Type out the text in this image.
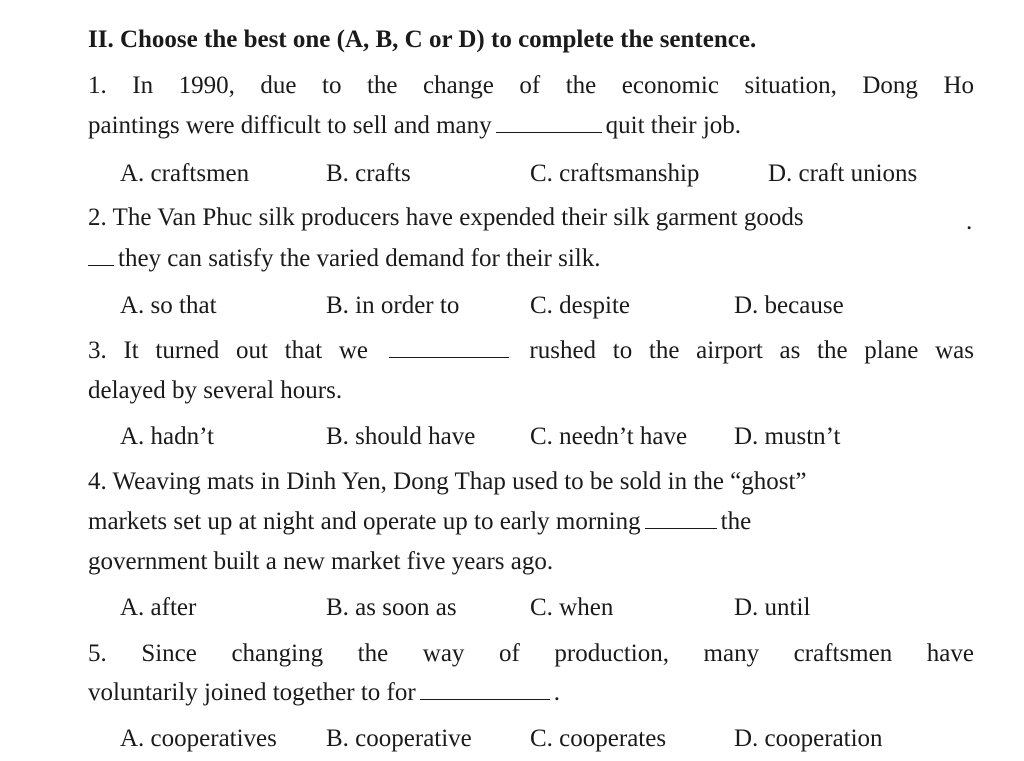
II. Choose the best one (A, B, C or D) to complete the sentence.
1. In 1990, due to the change of the economic situation, Dong Ho
paintings were difficult to sell and many	quit their job.
A. craftsmen	B. crafts	C. craftsmanship	D. craft unions
2. The Van Phuc silk producers have expended their silk garment goods	.
they can satisfy the varied demand for their silk.
A. so that	B. in order to	C. despite	D. because
3. It turned out that we	rushed to the airport as the plane was
delayed by several hours.
A. hadn’t	B. should have C. needn’t have D. mustn’t
4. Weaving mats in Dinh Yen, Dong Thap used to be sold in the “ghost”
markets set up at night and operate up to early morning	the
government built a new market five years ago.
A. after	B. as soon as	C. when	D. until
5. Since changing the way of production, many craftsmen have
voluntarily joined together to for	.
A. cooperatives B. cooperative C. cooperates	D. cooperation
